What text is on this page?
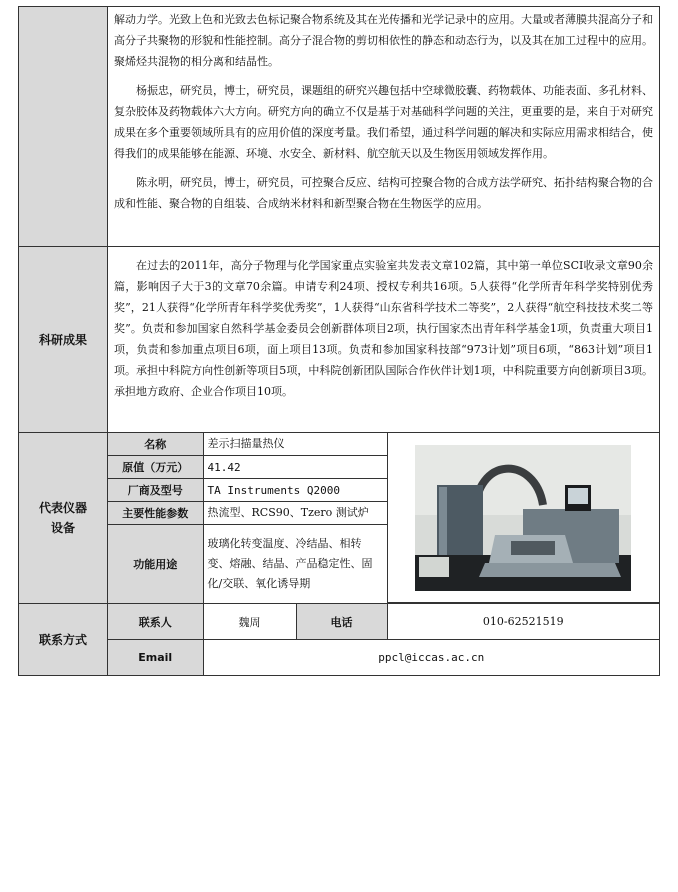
解动力学。光致上色和光致去色标记聚合物系统及其在光传播和光学记录中的应用。大量或者薄膜共混高分子和高分子共聚物的形貌和性能控制。高分子混合物的剪切相依性的静态和动态行为，以及其在加工过程中的应用。聚烯烃共混物的相分离和结晶性。

杨振忠，研究员，博士，研究员，课题组的研究兴趣包括中空球微胶囊、药物载体、功能表面、多孔材料、复杂胶体及药物载体六大方向。研究方向的确立不仅是基于对基础科学问题的关注，更重要的是，来自于对研究成果在多个重要领域所具有的应用价值的深度考量。我们希望，通过科学问题的解决和实际应用需求相结合，使得我们的成果能够在能源、环境、水安全、新材料、航空航天以及生物医用领域发挥作用。

陈永明，研究员，博士，研究员，可控聚合反应、结构可控聚合物的合成方法学研究、拓扑结构聚合物的合成和性能、聚合物的自组装、合成纳米材料和新型聚合物在生物医学的应用。

科研成果	

在过去的2011年，高分子物理与化学国家重点实验室共发表文章102篇，其中第一单位SCI收录文章90余篇，影响因子大于3的文章70余篇。申请专利24项、授权专利共16项。5人获得“化学所青年科学奖特别优秀奖”，21人获得“化学所青年科学奖优秀奖”，1人获得“山东省科学技术二等奖”，2人获得“航空科技技术奖二等奖”。负责和参加国家自然科学基金委员会创新群体项目2项，执行国家杰出青年科学基金1项，负责重大项目1项，负责和参加重点项目6项，面上项目13项。负责和参加国家科技部“973计划”项目6项，“863计划”项目1项。承担中科院方向性创新等项目5项，中科院创新团队国际合作伙伴计划1项，中科院重要方向创新项目3项。承担地方政府、企业合作项目10项。

代表仪器设备	
名称	差示扫描量热仪	

原值（万元）	41.42
厂商及型号	TA Instruments Q2000
主要性能参数	热流型、RCS90、Tzero 测试炉
功能用途	玻璃化转变温度、冷结晶、相转变、熔融、结晶、产品稳定性、固化/交联、氧化诱导期

联系方式	
联系人	魏周	电话	010-62521519
Email	ppcl@iccas.ac.cn
